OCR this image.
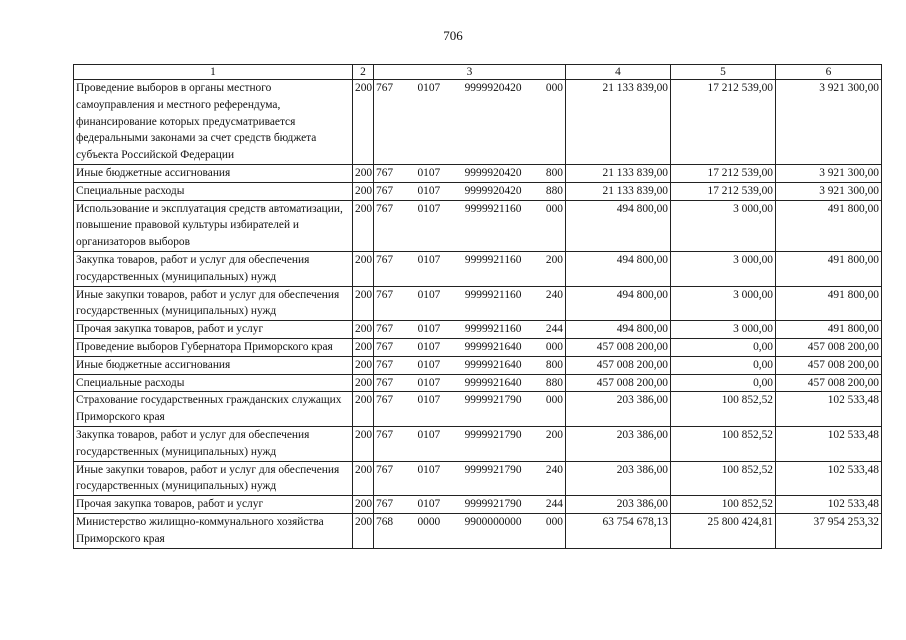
706
1	2	3	4	5	6
Проведение выборов в органы местного самоуправления и местного референдума, финансирование которых предусматривается федеральными законами за счет средств бюджета субъекта Российской Федерации	200	767 0107 9999920420 000	21 133 839,00	17 212 539,00	3 921 300,00
Иные бюджетные ассигнования	200	767 0107 9999920420 800	21 133 839,00	17 212 539,00	3 921 300,00
Специальные расходы	200	767 0107 9999920420 880	21 133 839,00	17 212 539,00	3 921 300,00
Использование и эксплуатация средств автоматизации, повышение правовой культуры избирателей и организаторов выборов	200	767 0107 9999921160 000	494 800,00	3 000,00	491 800,00
Закупка товаров, работ и услуг для обеспечения государственных (муниципальных) нужд	200	767 0107 9999921160 200	494 800,00	3 000,00	491 800,00
Иные закупки товаров, работ и услуг для обеспечения государственных (муниципальных) нужд	200	767 0107 9999921160 240	494 800,00	3 000,00	491 800,00
Прочая закупка товаров, работ и услуг	200	767 0107 9999921160 244	494 800,00	3 000,00	491 800,00
Проведение выборов Губернатора Приморского края	200	767 0107 9999921640 000	457 008 200,00	0,00	457 008 200,00
Иные бюджетные ассигнования	200	767 0107 9999921640 800	457 008 200,00	0,00	457 008 200,00
Специальные расходы	200	767 0107 9999921640 880	457 008 200,00	0,00	457 008 200,00
Страхование государственных гражданских служащих Приморского края	200	767 0107 9999921790 000	203 386,00	100 852,52	102 533,48
Закупка товаров, работ и услуг для обеспечения государственных (муниципальных) нужд	200	767 0107 9999921790 200	203 386,00	100 852,52	102 533,48
Иные закупки товаров, работ и услуг для обеспечения государственных (муниципальных) нужд	200	767 0107 9999921790 240	203 386,00	100 852,52	102 533,48
Прочая закупка товаров, работ и услуг	200	767 0107 9999921790 244	203 386,00	100 852,52	102 533,48
Министерство жилищно-коммунального хозяйства Приморского края	200	768 0000 9900000000 000	63 754 678,13	25 800 424,81	37 954 253,32
